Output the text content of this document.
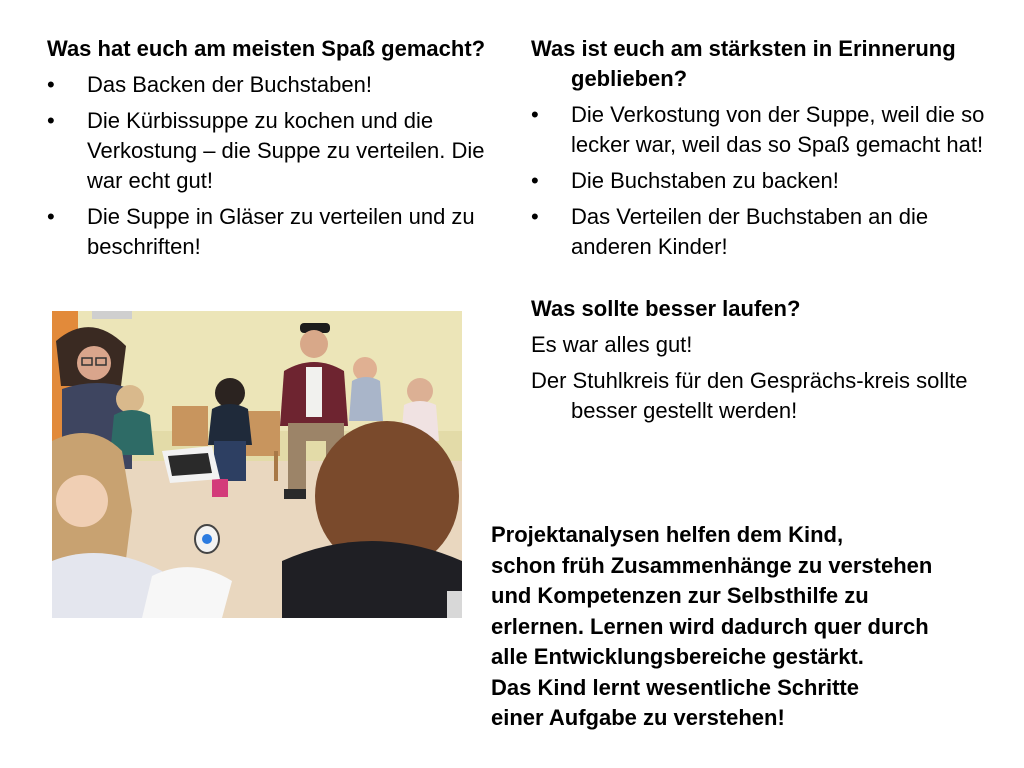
Was hat euch am meisten Spaß gemacht?

• Das Backen der Buchstaben!
• Die Kürbissuppe zu kochen und die Verkostung – die Suppe zu verteilen. Die war echt gut!
• Die Suppe in Gläser zu verteilen und zu beschriften!

Was ist euch am stärksten in Erinnerung geblieben?

• Die Verkostung von der Suppe, weil die so lecker war, weil das so Spaß gemacht hat!
• Die Buchstaben zu backen!
• Das Verteilen der Buchstaben an die anderen Kinder!

Was sollte besser laufen?

Es war alles gut!

Der Stuhlkreis für den Gesprächs-kreis sollte besser gestellt werden!

Projektanalysen helfen dem Kind,
schon früh Zusammenhänge zu verstehen
und Kompetenzen zur Selbsthilfe zu
erlernen. Lernen wird dadurch quer durch
alle Entwicklungsbereiche gestärkt.
Das Kind lernt wesentliche Schritte
einer Aufgabe zu verstehen!
